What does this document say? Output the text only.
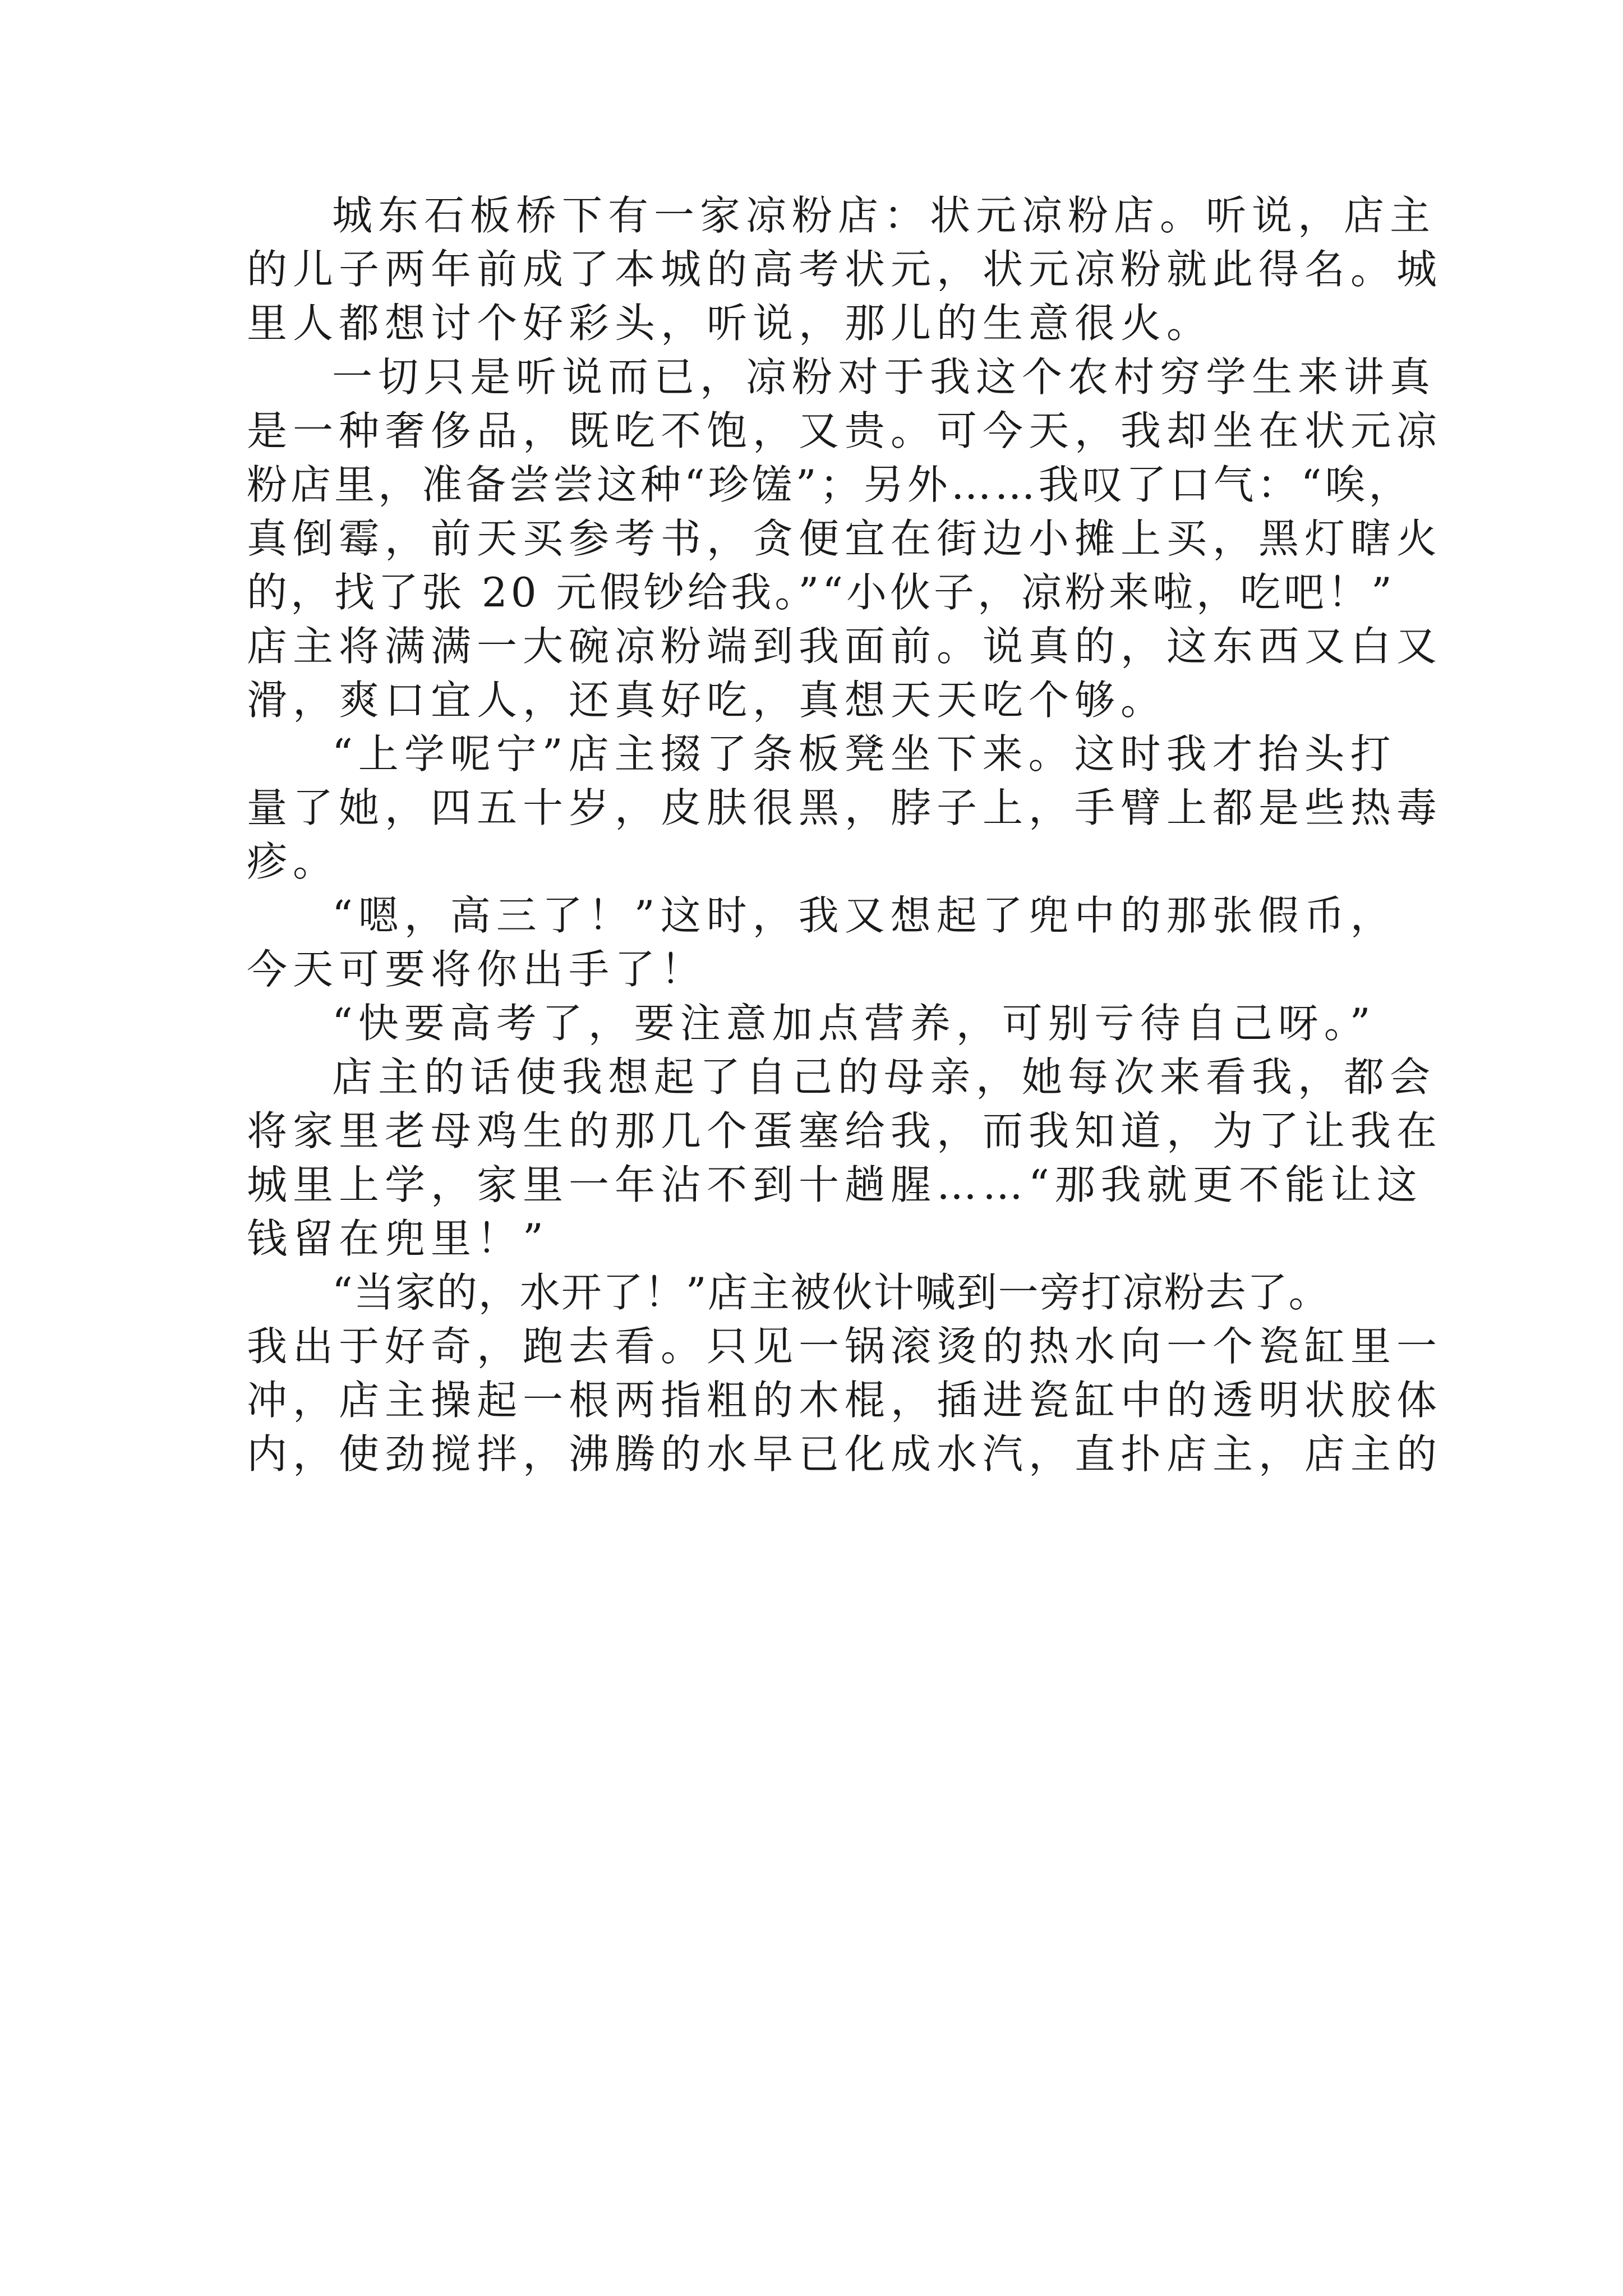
城东石板桥下有一家凉粉店：状元凉粉店。听说，店主
的儿子两年前成了本城的高考状元，状元凉粉就此得名。城
里人都想讨个好彩头，听说，那儿的生意很火。
一切只是听说而已，凉粉对于我这个农村穷学生来讲真
是一种奢侈品，既吃不饱，又贵。可今天，我却坐在状元凉
粉店里，准备尝尝这种“珍馐”；另外……我叹了口气：“唉，
真倒霉，前天买参考书，贪便宜在街边小摊上买，黑灯瞎火
的，找了张 20 元假钞给我。”“小伙子，凉粉来啦，吃吧！”
店主将满满一大碗凉粉端到我面前。说真的，这东西又白又
滑，爽口宜人，还真好吃，真想天天吃个够。
“上学呢宁”店主掇了条板凳坐下来。这时我才抬头打
量了她，四五十岁，皮肤很黑，脖子上，手臂上都是些热毒
疹。
“嗯，高三了！”这时，我又想起了兜中的那张假币，
今天可要将你出手了！
“快要高考了，要注意加点营养，可别亏待自己呀。”
店主的话使我想起了自己的母亲，她每次来看我，都会
将家里老母鸡生的那几个蛋塞给我，而我知道，为了让我在
城里上学，家里一年沾不到十趟腥……“那我就更不能让这
钱留在兜里！”
“当家的，水开了！”店主被伙计喊到一旁打凉粉去了。
我出于好奇，跑去看。只见一锅滚烫的热水向一个瓷缸里一
冲，店主操起一根两指粗的木棍，插进瓷缸中的透明状胶体
内，使劲搅拌，沸腾的水早已化成水汽，直扑店主，店主的
